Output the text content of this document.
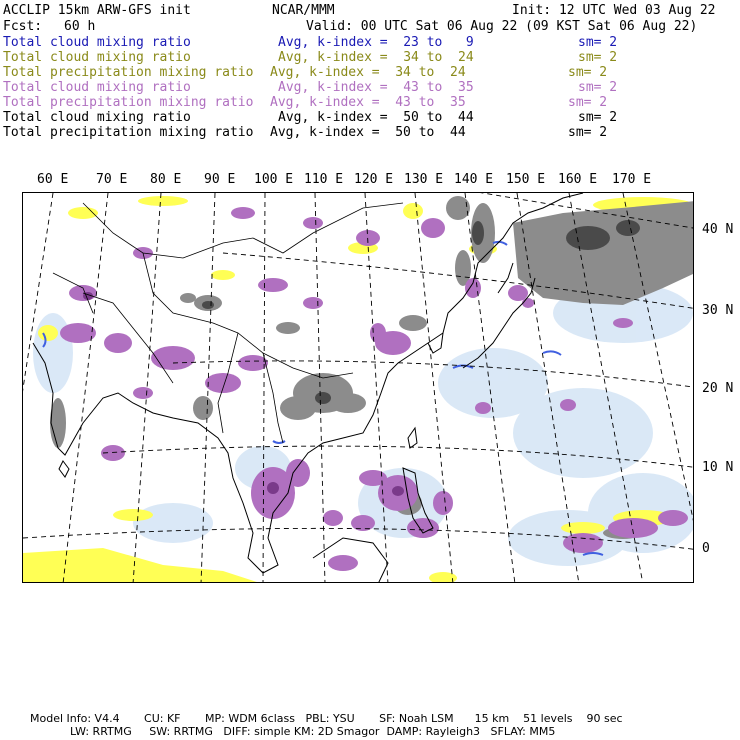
ACCLIP 15km ARW-GFS init	NCAR/MMM	Init: 12 UTC Wed 03 Aug 22
Fcst: 60 h	Valid: 00 UTC Sat 06 Aug 22 (09 KST Sat 06 Aug 22)
Total cloud mixing ratio	Avg, k-index =  23 to   9	sm= 2
Total cloud mixing ratio	Avg, k-index =  34 to  24	sm= 2
Total precipitation mixing ratio Avg, k-index =  34 to  24	sm= 2
Total cloud mixing ratio	Avg, k-index =  43 to  35	sm= 2
Total precipitation mixing ratio Avg, k-index =  43 to  35	sm= 2
Total cloud mixing ratio	Avg, k-index =  50 to  44	sm= 2
Total precipitation mixing ratio Avg, k-index =  50 to  44	sm= 2
60 E 70 E 80 E 90 E 100 E 110 E 120 E 130 E 140 E 150 E 160 E 170 E
40 N
30 N
20 N
10 N
0
Model Info: V4.4       CU: KF       MP: WDM 6class   PBL: YSU       SF: Noah LSM      15 km    51 levels    90 sec
LW: RRTMG     SW: RRTMG   DIFF: simple KM: 2D Smagor  DAMP: Rayleigh3   SFLAY: MM5
